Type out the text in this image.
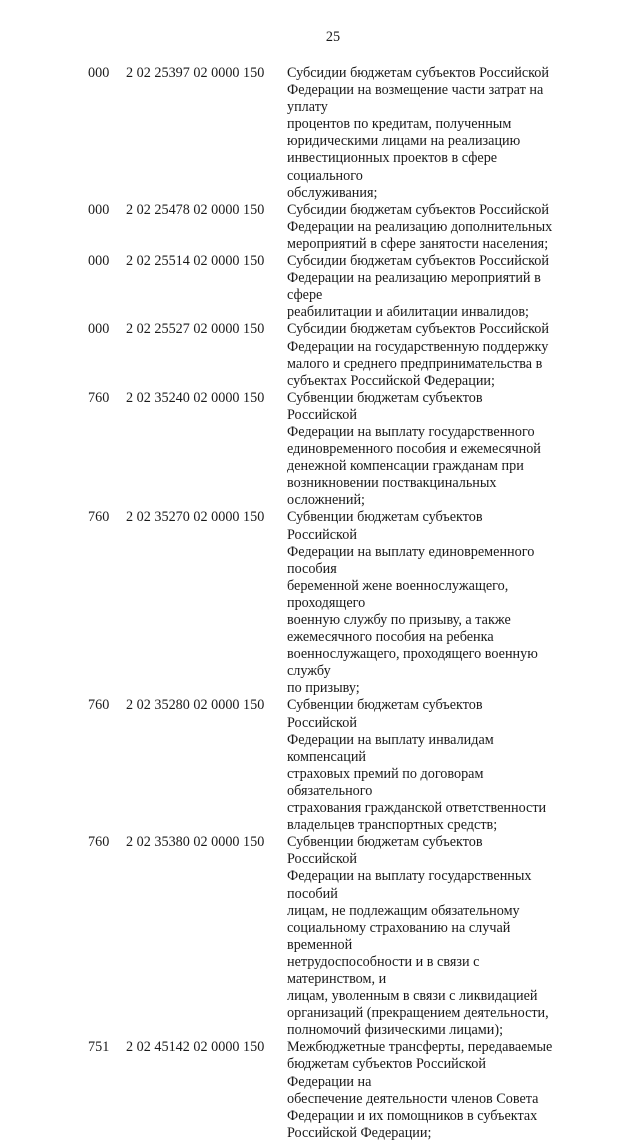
25
000	2 02 25397 02 0000 150	Субсидии бюджетам субъектов Российской
Федерации на возмещение части затрат на уплату
процентов по кредитам, полученным
юридическими лицами на реализацию
инвестиционных проектов в сфере социального
обслуживания;
000	2 02 25478 02 0000 150	Субсидии бюджетам субъектов Российской
Федерации на реализацию дополнительных
мероприятий в сфере занятости населения;
000	2 02 25514 02 0000 150	Субсидии бюджетам субъектов Российской
Федерации на реализацию мероприятий в сфере
реабилитации и абилитации инвалидов;
000	2 02 25527 02 0000 150	Субсидии бюджетам субъектов Российской
Федерации на государственную поддержку
малого и среднего предпринимательства в
субъектах Российской Федерации;
760	2 02 35240 02 0000 150	Субвенции бюджетам субъектов Российской
Федерации на выплату государственного
единовременного пособия и ежемесячной
денежной компенсации гражданам при
возникновении поствакцинальных осложнений;
760	2 02 35270 02 0000 150	Субвенции бюджетам субъектов Российской
Федерации на выплату единовременного пособия
беременной жене военнослужащего, проходящего
военную службу по призыву, а также
ежемесячного пособия на ребенка
военнослужащего, проходящего военную службу
по призыву;
760	2 02 35280 02 0000 150	Субвенции бюджетам субъектов Российской
Федерации на выплату инвалидам компенсаций
страховых премий по договорам обязательного
страхования гражданской ответственности
владельцев транспортных средств;
760	2 02 35380 02 0000 150	Субвенции бюджетам субъектов Российской
Федерации на выплату государственных пособий
лицам, не подлежащим обязательному
социальному страхованию на случай временной
нетрудоспособности и в связи с материнством, и
лицам, уволенным в связи с ликвидацией
организаций (прекращением деятельности,
полномочий физическими лицами);
751	2 02 45142 02 0000 150	Межбюджетные трансферты, передаваемые
бюджетам субъектов Российской Федерации на
обеспечение деятельности членов Совета
Федерации и их помощников в субъектах
Российской Федерации;
